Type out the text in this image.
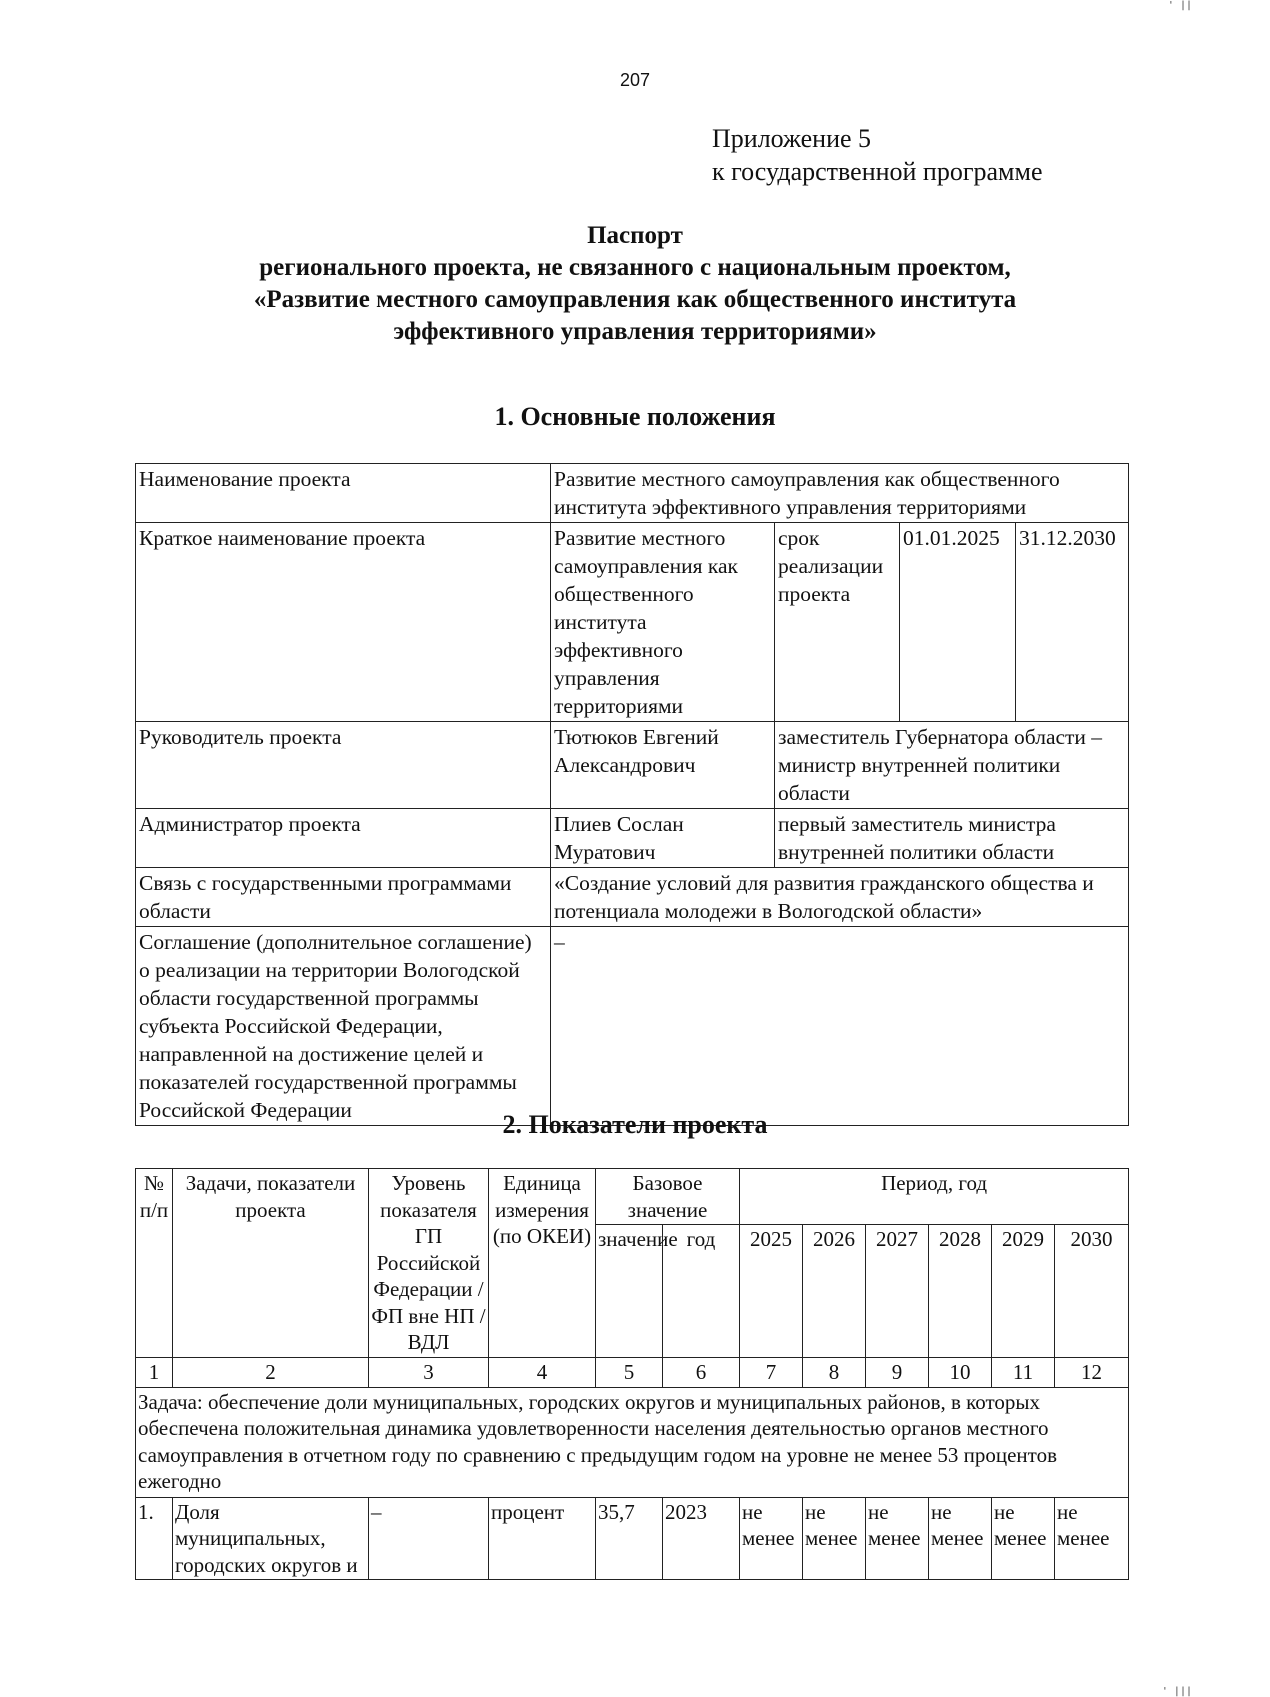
' ||
207
Приложение 5
к государственной программе
Паспорт
регионального проекта, не связанного с национальным проектом,
«Развитие местного самоуправления как общественного института
эффективного управления территориями»
1. Основные положения
Наименование проекта	Развитие местного самоуправления как общественного института эффективного управления территориями			
Краткое наименование проекта	Развитие местного самоуправления как общественного института эффективного управления территориями	срок реализации проекта	01.01.2025	31.12.2030
Руководитель проекта	Тютюков Евгений Александрович	заместитель Губернатора области – министр внутренней политики области		
Администратор проекта	Плиев Сослан Муратович	первый заместитель министра внутренней политики области		
Связь с государственными программами области	«Создание условий для развития гражданского общества и потенциала молодежи в Вологодской области»			
Соглашение (дополнительное соглашение) о реализации на территории Вологодской области государственной программы субъекта Российской Федерации, направленной на достижение целей и показателей государственной программы Российской Федерации	–			
2. Показатели проекта
№ п/п	Задачи, показатели проекта	Уровень показателя ГП Российской Федерации / ФП вне НП / ВДЛ	Единица измерения (по ОКЕИ)	Базовое значение		Период, год					
				значение	год	2025	2026	2027	2028	2029	2030
1	2	3	4	5	6	7	8	9	10	11	12
Задача: обеспечение доли муниципальных, городских округов и муниципальных районов, в которых обеспечена положительная динамика удовлетворенности населения деятельностью органов местного самоуправления в отчетном году по сравнению с предыдущим годом на уровне не менее 53 процентов ежегодно											
1.	Доля муниципальных, городских округов и	–	процент	35,7	2023	не менее	не менее	не менее	не менее	не менее	не менее
' |||
